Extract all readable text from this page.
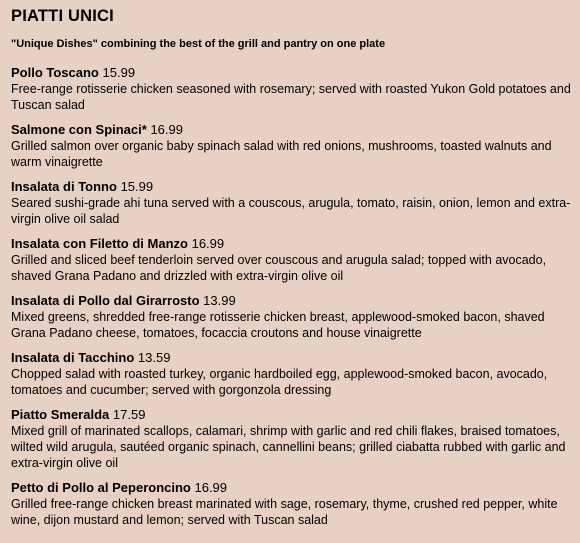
PIATTI UNICI
"Unique Dishes" combining the best of the grill and pantry on one plate
Pollo Toscano 15.99
Free-range rotisserie chicken seasoned with rosemary; served with roasted Yukon Gold potatoes and Tuscan salad
Salmone con Spinaci* 16.99
Grilled salmon over organic baby spinach salad with red onions, mushrooms, toasted walnuts and warm vinaigrette
Insalata di Tonno 15.99
Seared sushi-grade ahi tuna served with a couscous, arugula, tomato, raisin, onion, lemon and extra-virgin olive oil salad
Insalata con Filetto di Manzo 16.99
Grilled and sliced beef tenderloin served over couscous and arugula salad; topped with avocado, shaved Grana Padano and drizzled with extra-virgin olive oil
Insalata di Pollo dal Girarrosto 13.99
Mixed greens, shredded free-range rotisserie chicken breast, applewood-smoked bacon, shaved Grana Padano cheese, tomatoes, focaccia croutons and house vinaigrette
Insalata di Tacchino 13.59
Chopped salad with roasted turkey, organic hardboiled egg, applewood-smoked bacon, avocado, tomatoes and cucumber; served with gorgonzola dressing
Piatto Smeralda 17.59
Mixed grill of marinated scallops, calamari, shrimp with garlic and red chili flakes, braised tomatoes, wilted wild arugula, sautéed organic spinach, cannellini beans; grilled ciabatta rubbed with garlic and extra-virgin olive oil
Petto di Pollo al Peperoncino 16.99
Grilled free-range chicken breast marinated with sage, rosemary, thyme, crushed red pepper, white wine, dijon mustard and lemon; served with Tuscan salad
